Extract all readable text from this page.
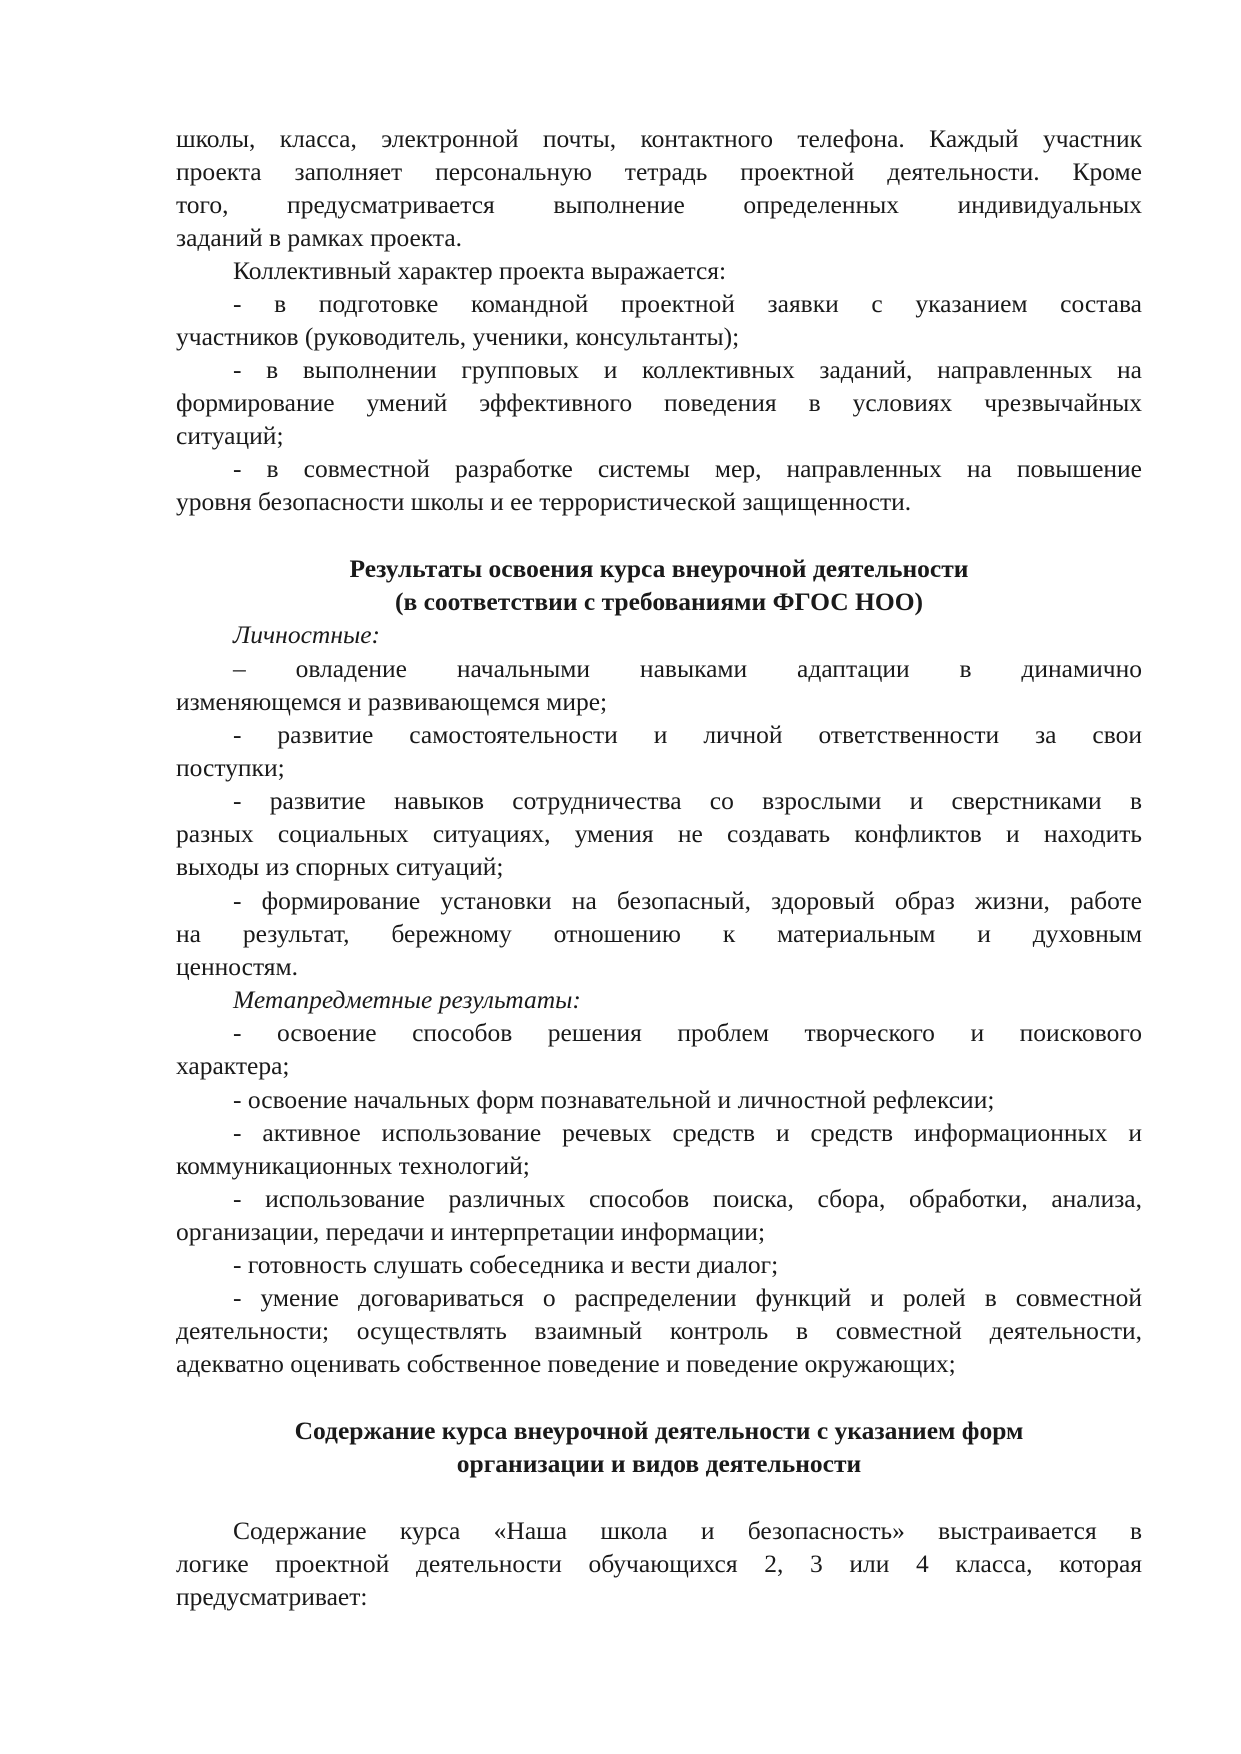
школы, класса, электронной почты, контактного телефона. Каждый участник
проекта заполняет персональную тетрадь проектной деятельности. Кроме
того, предусматривается выполнение определенных индивидуальных
заданий в рамках проекта.
Коллективный характер проекта выражается:
- в подготовке командной проектной заявки с указанием состава
участников (руководитель, ученики, консультанты);
- в выполнении групповых и коллективных заданий, направленных на
формирование умений эффективного поведения в условиях чрезвычайных
ситуаций;
- в совместной разработке системы мер, направленных на повышение
уровня безопасности школы и ее террористической защищенности.
Результаты освоения курса внеурочной деятельности
(в соответствии с требованиями ФГОС НОО)
Личностные:
– овладение начальными навыками адаптации в динамично
изменяющемся и развивающемся мире;
- развитие самостоятельности и личной ответственности за свои
поступки;
- развитие навыков сотрудничества со взрослыми и сверстниками в
разных социальных ситуациях, умения не создавать конфликтов и находить
выходы из спорных ситуаций;
- формирование установки на безопасный, здоровый образ жизни, работе
на результат, бережному отношению к материальным и духовным
ценностям.
Метапредметные результаты:
- освоение способов решения проблем творческого и поискового
характера;
- освоение начальных форм познавательной и личностной рефлексии;
- активное использование речевых средств и средств информационных и
коммуникационных технологий;
- использование различных способов поиска, сбора, обработки, анализа,
организации, передачи и интерпретации информации;
- готовность слушать собеседника и вести диалог;
- умение договариваться о распределении функций и ролей в совместной
деятельности; осуществлять взаимный контроль в совместной деятельности,
адекватно оценивать собственное поведение и поведение окружающих;
Содержание курса внеурочной деятельности с указанием форм
организации и видов деятельности
Содержание курса «Наша школа и безопасность» выстраивается в
логике проектной деятельности обучающихся 2, 3 или 4 класса, которая
предусматривает:
